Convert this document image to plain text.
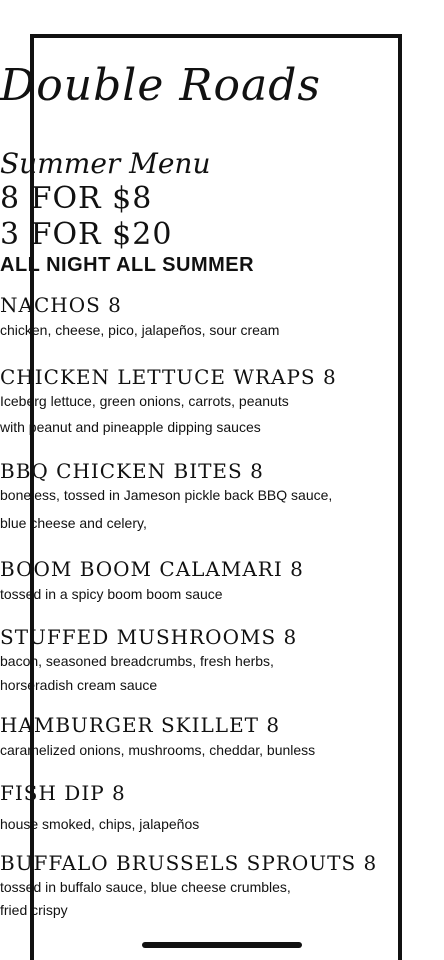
Double Roads
Summer Menu
8 FOR $8
3 FOR $20
ALL NIGHT ALL SUMMER
NACHOS 8
chicken, cheese, pico, jalapeños, sour cream
CHICKEN LETTUCE WRAPS 8
Iceberg lettuce, green onions, carrots, peanuts
with peanut and pineapple dipping sauces
BBQ CHICKEN BITES 8
boneless, tossed in Jameson pickle back BBQ sauce,
blue cheese and celery,
BOOM BOOM CALAMARI 8
tossed in a spicy boom boom sauce
STUFFED MUSHROOMS 8
bacon, seasoned breadcrumbs, fresh herbs,
horseradish cream sauce
HAMBURGER SKILLET 8
caramelized onions, mushrooms, cheddar, bunless
FISH DIP 8
house smoked, chips, jalapeños
BUFFALO BRUSSELS SPROUTS 8
tossed in buffalo sauce, blue cheese crumbles,
fried crispy
